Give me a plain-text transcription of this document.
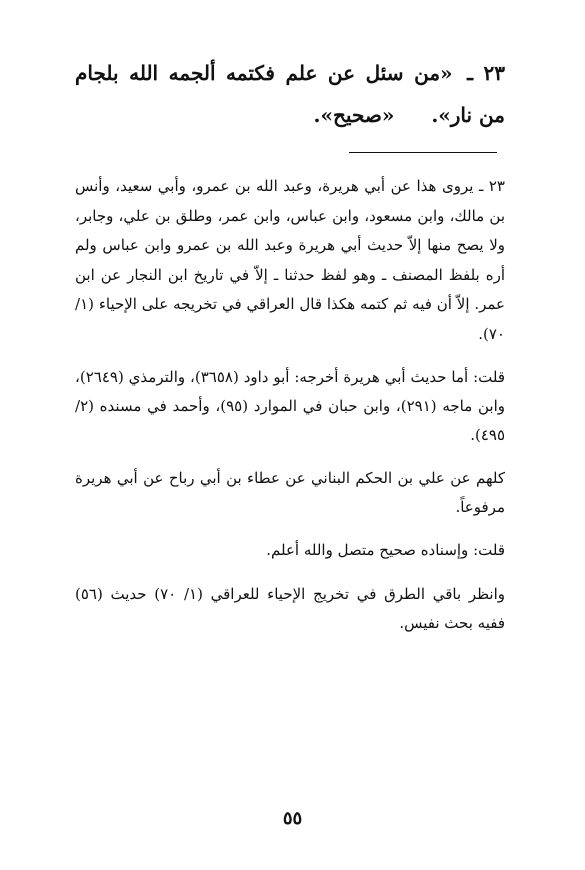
٢٣ ـ «من سئل عن علم فكتمه ألجمه الله بلجام من نار». «صحيح».

٢٣ ـ يروى هذا عن أبي هريرة، وعبد الله بن عمرو، وأبي سعيد، وأنس بن مالك، وابن مسعود، وابن عباس، وابن عمر، وطلق بن علي، وجابر، ولا يصح منها إلاّ حديث أبي هريرة وعبد الله بن عمرو وابن عباس ولم أره بلفظ المصنف ـ وهو لفظ حدثنا ـ إلاّ في تاريخ ابن النجار عن ابن عمر. إلاّ أن فيه ثم كتمه هكذا قال العراقي في تخريجه على الإحياء (١/ ٧٠).

قلت: أما حديث أبي هريرة أخرجه: أبو داود (٣٦٥٨)، والترمذي (٢٦٤٩)، وابن ماجه (٢٩١)، وابن حبان في الموارد (٩٥)، وأحمد في مسنده (٢/ ٤٩٥).

كلهم عن علي بن الحكم البناني عن عطاء بن أبي رباح عن أبي هريرة مرفوعاً.

قلت: وإسناده صحيح متصل والله أعلم.

وانظر باقي الطرق في تخريج الإحياء للعراقي (١/ ٧٠) حديث (٥٦) ففيه بحث نفيس.

٥٥
